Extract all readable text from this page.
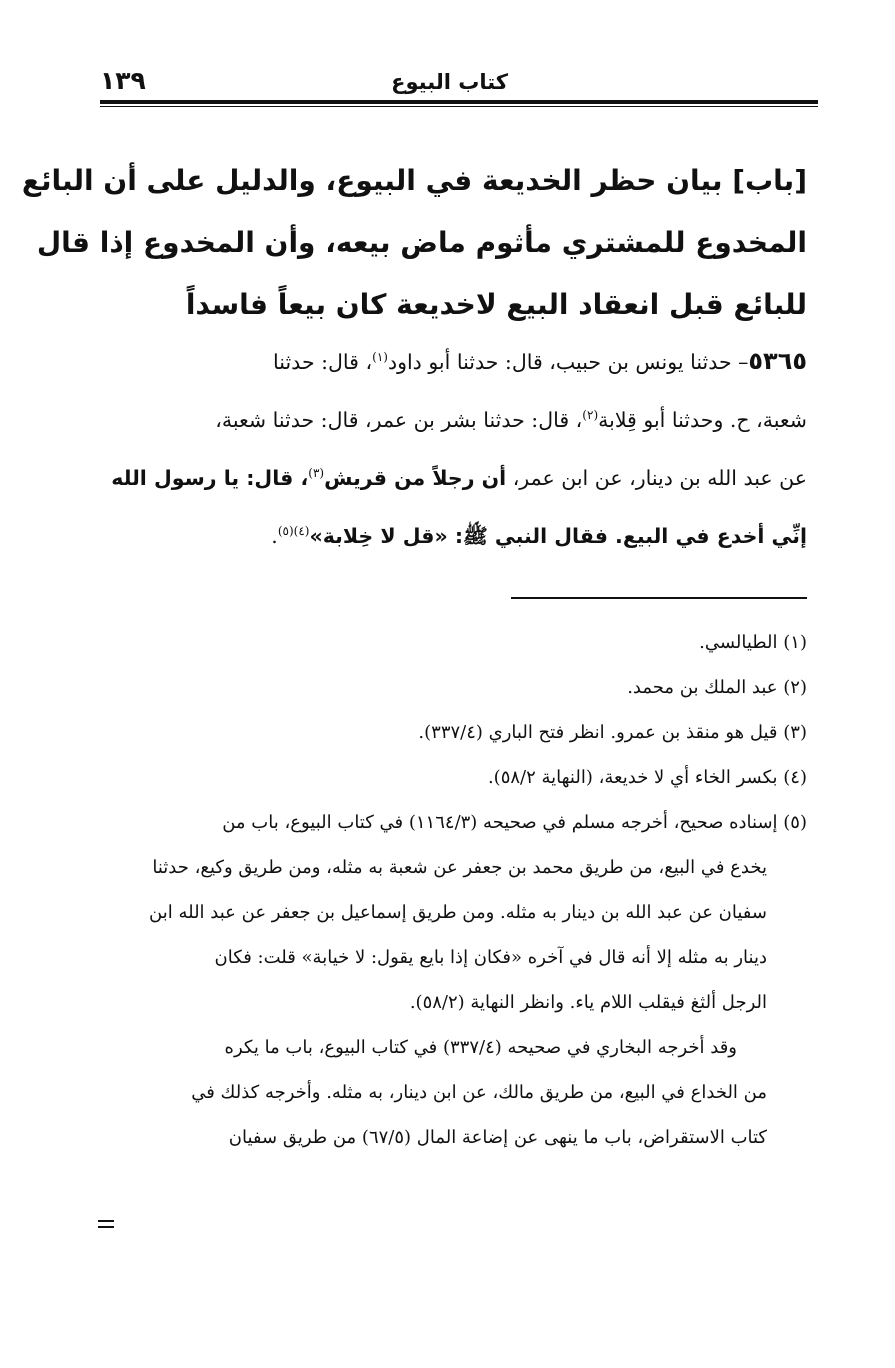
كتاب البيوع
١٣٩
[باب] بيان حظر الخديعة في البيوع، والدليل على أن البائع
المخدوع للمشتري مأثوم ماض بيعه، وأن المخدوع إذا قال
للبائع قبل انعقاد البيع لاخديعة كان بيعاً فاسداً
٥٣٦٥– حدثنا يونس بن حبيب، قال: حدثنا أبو داود$^{(١)}$، قال: حدثنا
شعبة، ح. وحدثنا أبو قِلابة$^{(٢)}$، قال: حدثنا بشر بن عمر، قال: حدثنا شعبة،
عن عبد الله بن دينار، عن ابن عمر، أن رجلاً من قريش$^{(٣)}$، قال: يا رسول الله
إنِّي أخدع في البيع. فقال النبي ﷺ: «قل لا خِلابة»$^{(٤)(٥)}$.
(١) الطيالسي.
(٢) عبد الملك بن محمد.
(٣) قيل هو منقذ بن عمرو. انظر فتح الباري (٣٣٧/٤).
(٤) بكسر الخاء أي لا خديعة، (النهاية ٥٨/٢).
(٥) إسناده صحيح، أخرجه مسلم في صحيحه (١١٦٤/٣) في كتاب البيوع، باب من
يخدع في البيع، من طريق محمد بن جعفر عن شعبة به مثله، ومن طريق وكيع، حدثنا
سفيان عن عبد الله بن دينار به مثله. ومن طريق إسماعيل بن جعفر عن عبد الله ابن
دينار به مثله إلا أنه قال في آخره «فكان إذا بايع يقول: لا خيابة» قلت: فكان
الرجل ألثغ فيقلب اللام ياء. وانظر النهاية (٥٨/٢).
وقد أخرجه البخاري في صحيحه (٣٣٧/٤) في كتاب البيوع، باب ما يكره
من الخداع في البيع، من طريق مالك، عن ابن دينار، به مثله. وأخرجه كذلك في
كتاب الاستقراض، باب ما ينهى عن إضاعة المال (٦٧/٥) من طريق سفيان
